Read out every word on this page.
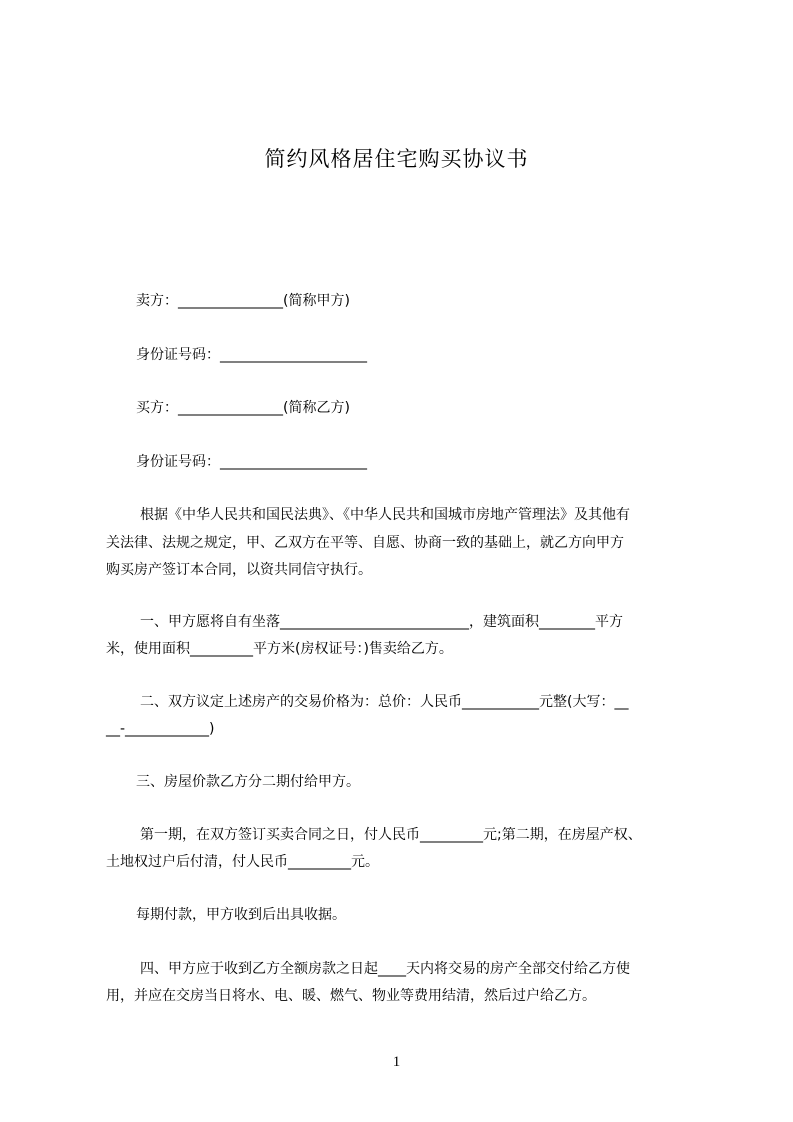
简约风格居住宅购买协议书
卖方：_______________(简称甲方)
身份证号码：_____________________
买方：_______________(简称乙方)
身份证号码：_____________________
根据《中华人民共和国民法典》、《中华人民共和国城市房地产管理法》及其他有
关法律、法规之规定，甲、乙双方在平等、自愿、协商一致的基础上，就乙方向甲方
购买房产签订本合同，以资共同信守执行。
一、甲方愿将自有坐落___________________________，建筑面积________平方
米，使用面积_________平方米(房权证号：)售卖给乙方。
二、双方议定上述房产的交易价格为：总价：人民币___________元整(大写：__
__-____________)
三、房屋价款乙方分二期付给甲方。
第一期，在双方签订买卖合同之日，付人民币_________元;第二期，在房屋产权、
土地权过户后付清，付人民币_________元。
每期付款，甲方收到后出具收据。
四、甲方应于收到乙方全额房款之日起____天内将交易的房产全部交付给乙方使
用，并应在交房当日将水、电、暖、燃气、物业等费用结清，然后过户给乙方。
1
